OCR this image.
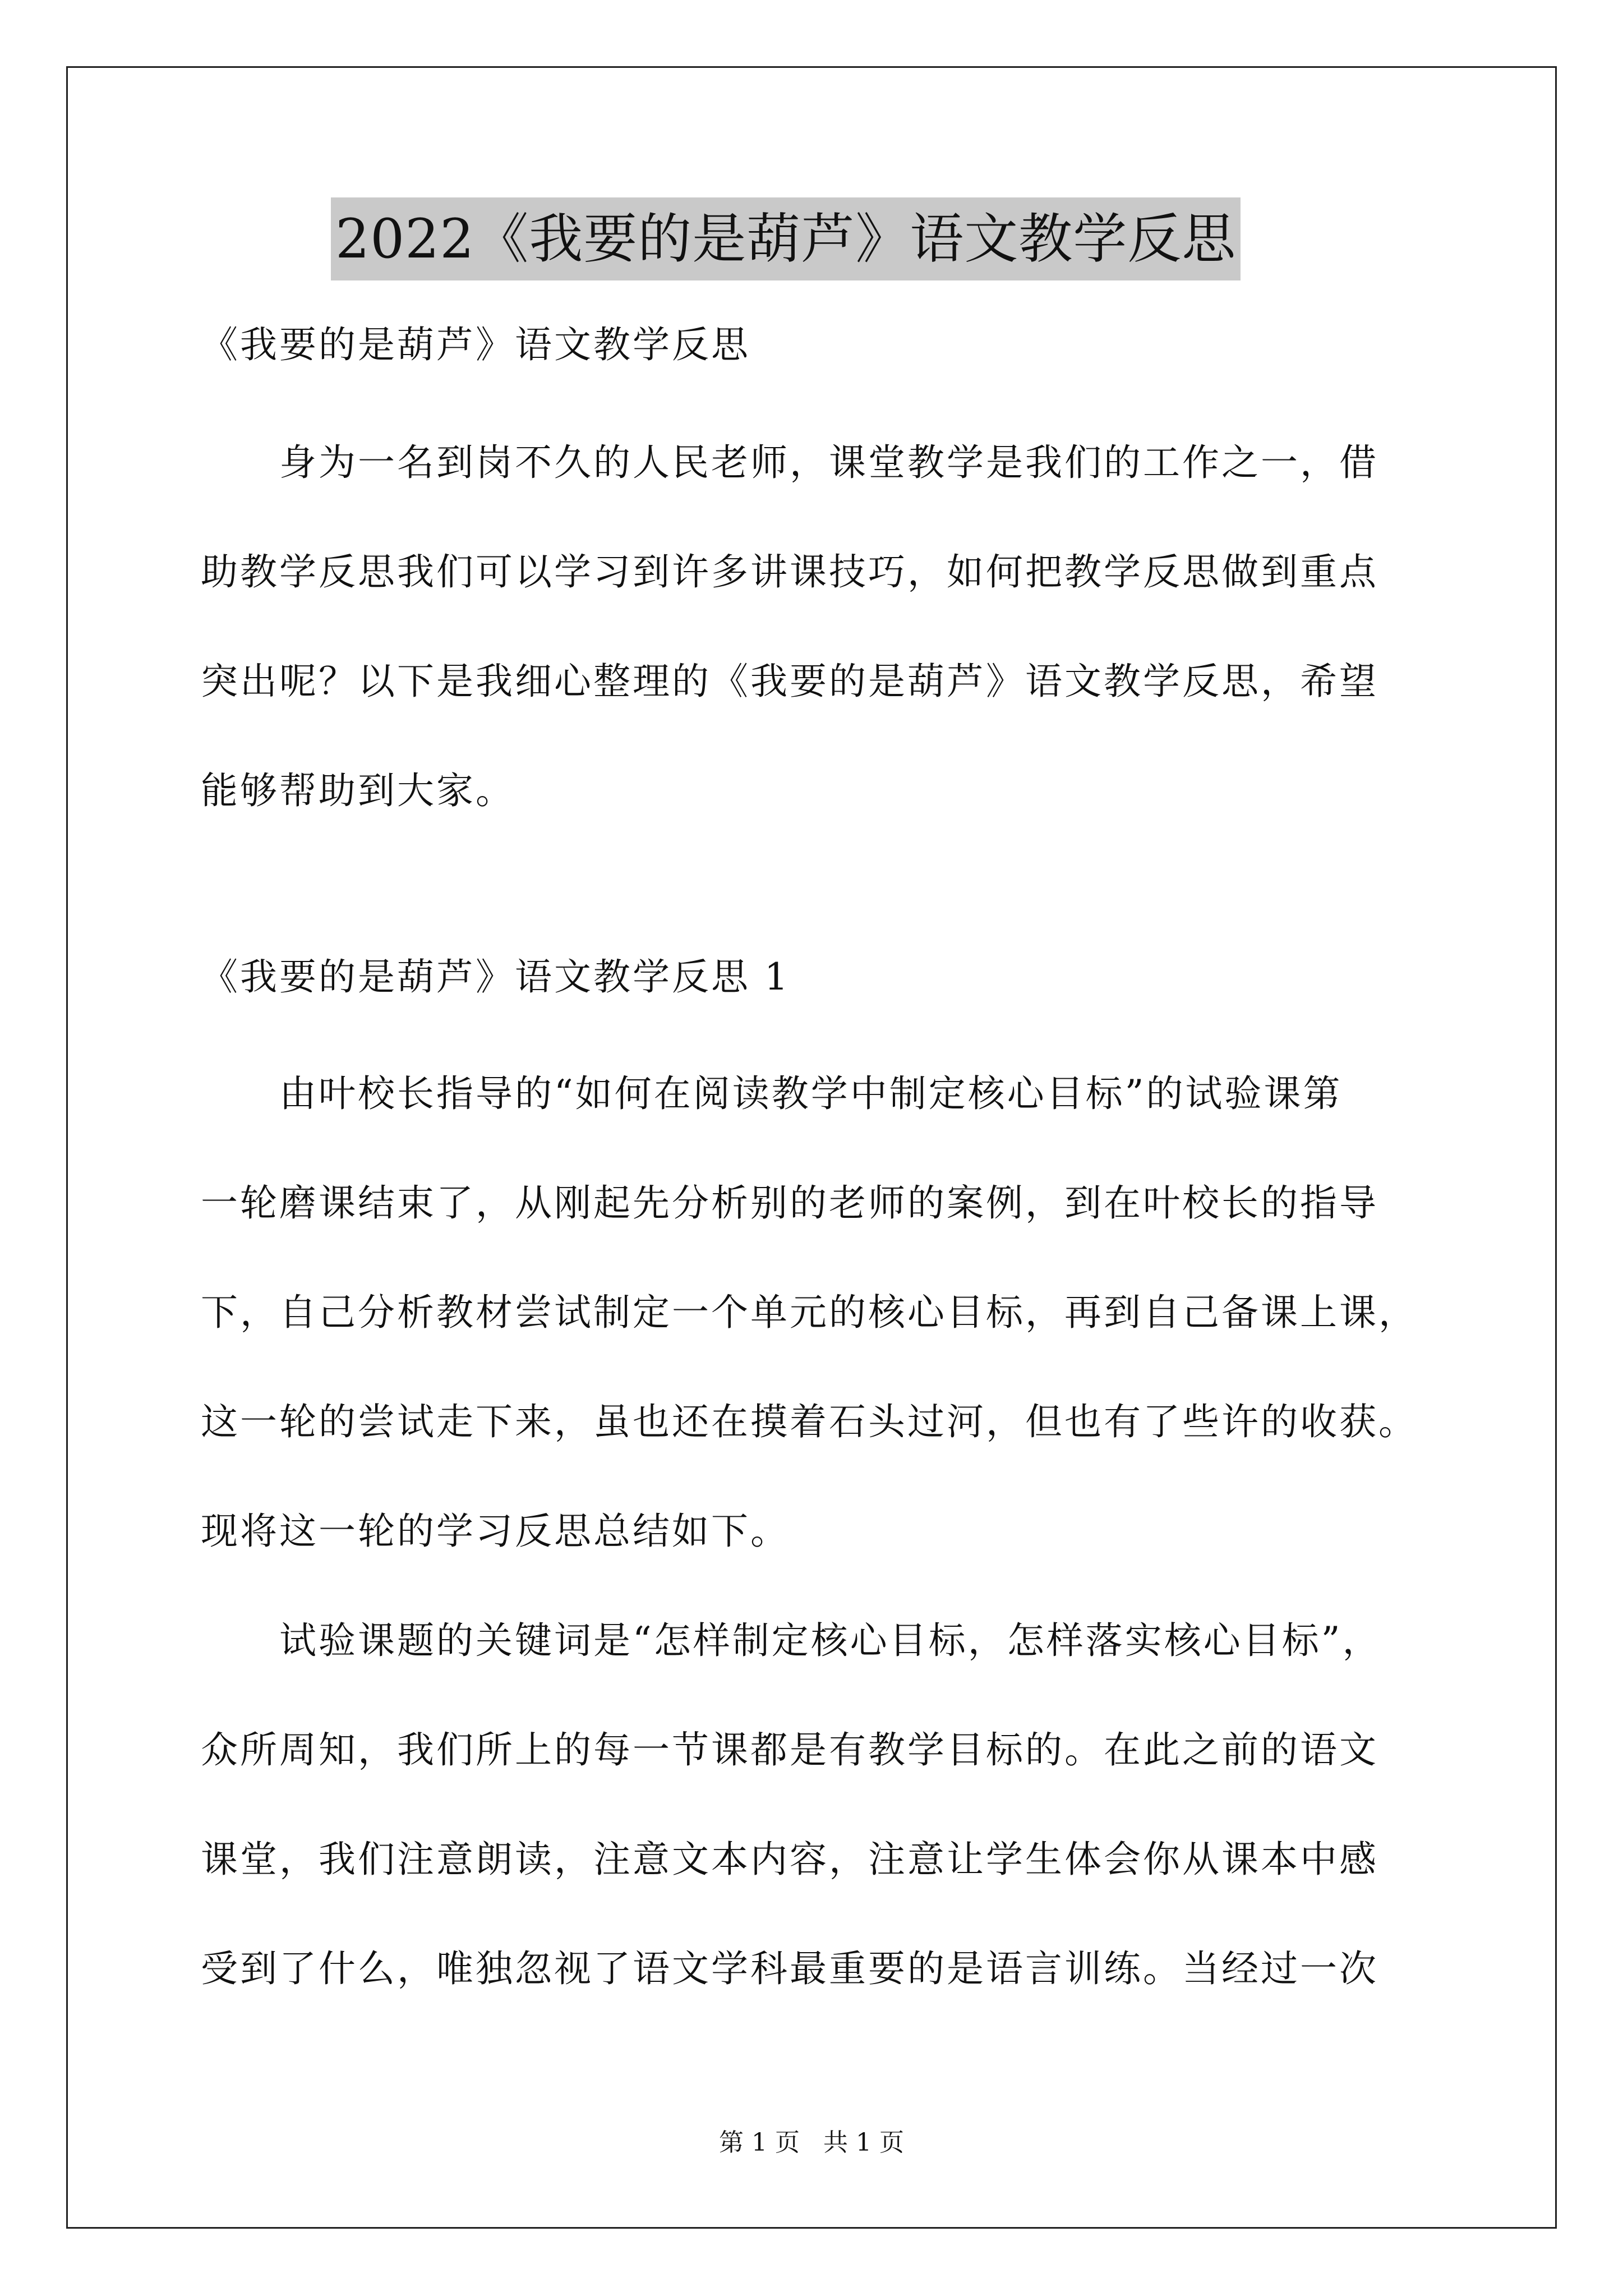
2022《我要的是葫芦》语文教学反思
《我要的是葫芦》语文教学反思
身为一名到岗不久的人民老师，课堂教学是我们的工作之一，借
助教学反思我们可以学习到许多讲课技巧，如何把教学反思做到重点
突出呢？以下是我细心整理的《我要的是葫芦》语文教学反思，希望
能够帮助到大家。
《我要的是葫芦》语文教学反思 1
由叶校长指导的“如何在阅读教学中制定核心目标”的试验课第
一轮磨课结束了，从刚起先分析别的老师的案例，到在叶校长的指导
下，自己分析教材尝试制定一个单元的核心目标，再到自己备课上课，
这一轮的尝试走下来，虽也还在摸着石头过河，但也有了些许的收获。
现将这一轮的学习反思总结如下。
试验课题的关键词是“怎样制定核心目标，怎样落实核心目标”，
众所周知，我们所上的每一节课都是有教学目标的。在此之前的语文
课堂，我们注意朗读，注意文本内容，注意让学生体会你从课本中感
受到了什么，唯独忽视了语文学科最重要的是语言训练。当经过一次
第 1 页 共 1 页
